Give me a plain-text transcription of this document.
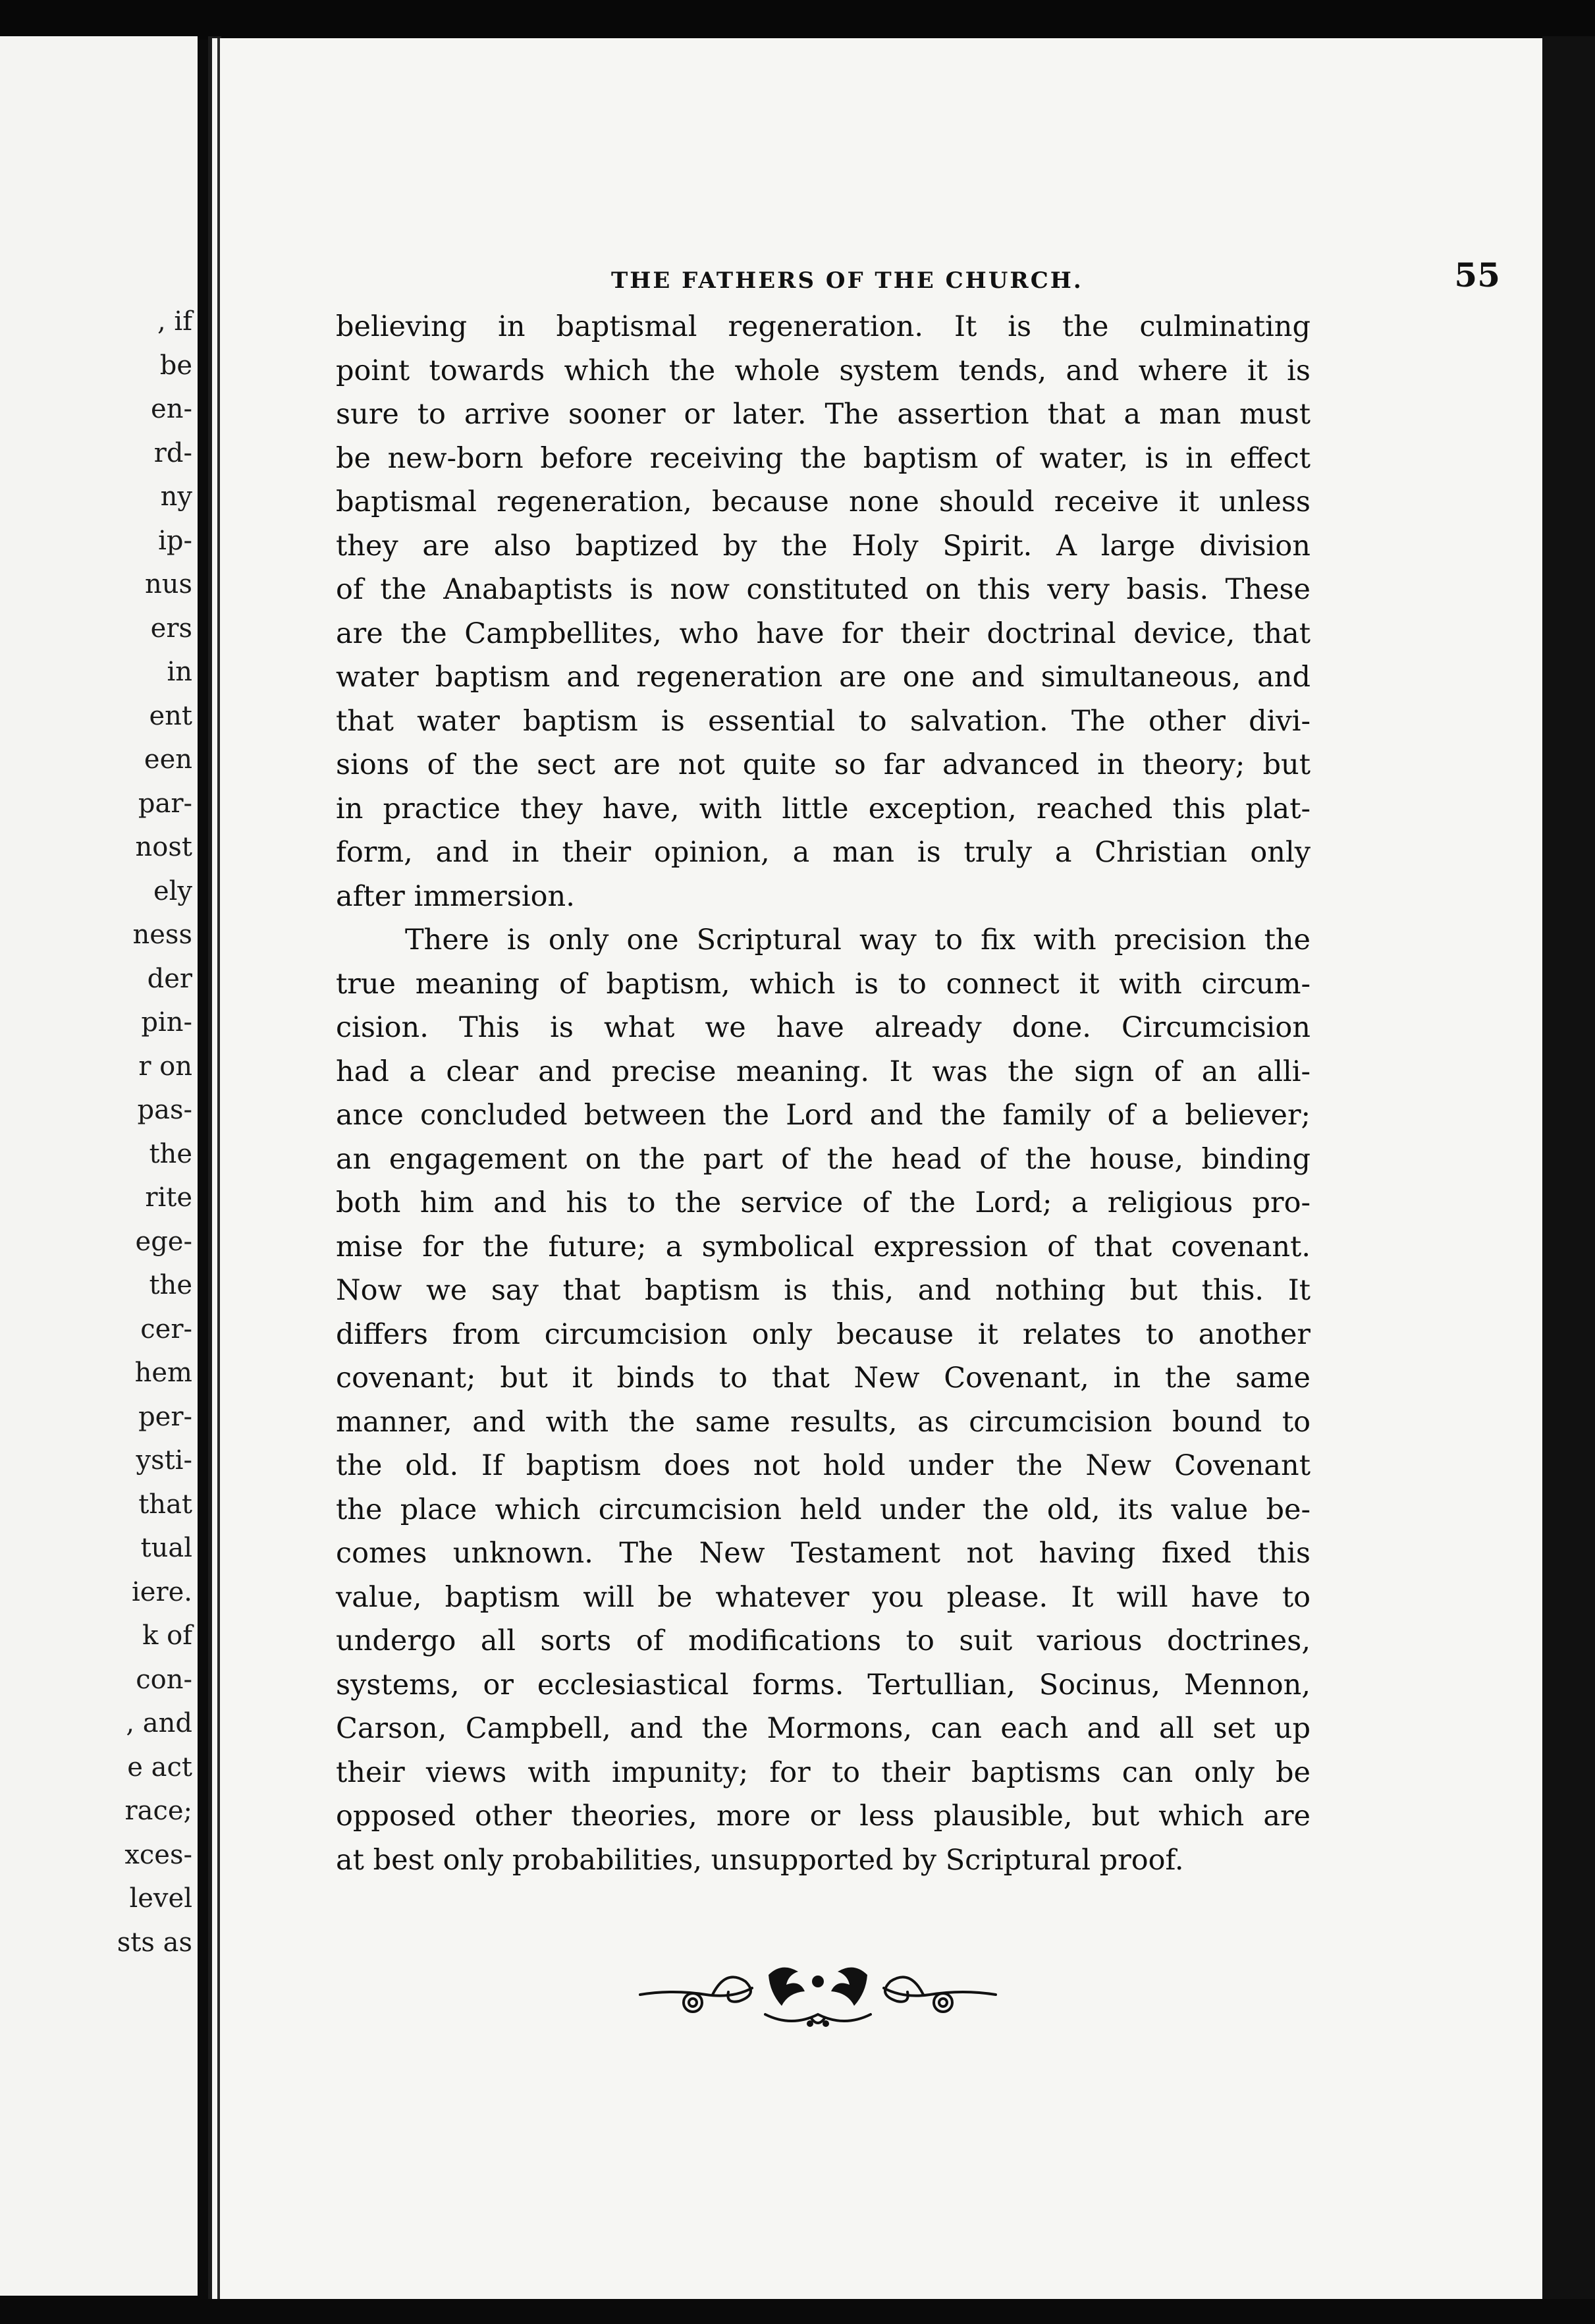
, if
be
en-
rd-
ny
ip-
nus
ers
in
ent
een
par-
nost
ely
ness
der
pin-
r on
pas-
the
rite
ege-
the
cer-
hem
per-
ysti-
that
tual
iere.
k of
con-
, and
e act
race;
xces-
level
sts as
THE FATHERS OF THE CHURCH.	55
believing in baptismal regeneration. It is the culminating
point towards which the whole system tends, and where it is
sure to arrive sooner or later. The assertion that a man must
be new-born before receiving the baptism of water, is in effect
baptismal regeneration, because none should receive it unless
they are also baptized by the Holy Spirit. A large division
of the Anabaptists is now constituted on this very basis. These
are the Campbellites, who have for their doctrinal device, that
water baptism and regeneration are one and simultaneous, and
that water baptism is essential to salvation. The other divi-
sions of the sect are not quite so far advanced in theory; but
in practice they have, with little exception, reached this plat-
form, and in their opinion, a man is truly a Christian only
after immersion.
There is only one Scriptural way to fix with precision the
true meaning of baptism, which is to connect it with circum-
cision. This is what we have already done. Circumcision
had a clear and precise meaning. It was the sign of an alli-
ance concluded between the Lord and the family of a believer;
an engagement on the part of the head of the house, binding
both him and his to the service of the Lord; a religious pro-
mise for the future; a symbolical expression of that covenant.
Now we say that baptism is this, and nothing but this. It
differs from circumcision only because it relates to another
covenant; but it binds to that New Covenant, in the same
manner, and with the same results, as circumcision bound to
the old. If baptism does not hold under the New Covenant
the place which circumcision held under the old, its value be-
comes unknown. The New Testament not having fixed this
value, baptism will be whatever you please. It will have to
undergo all sorts of modifications to suit various doctrines,
systems, or ecclesiastical forms. Tertullian, Socinus, Mennon,
Carson, Campbell, and the Mormons, can each and all set up
their views with impunity; for to their baptisms can only be
opposed other theories, more or less plausible, but which are
at best only probabilities, unsupported by Scriptural proof.
